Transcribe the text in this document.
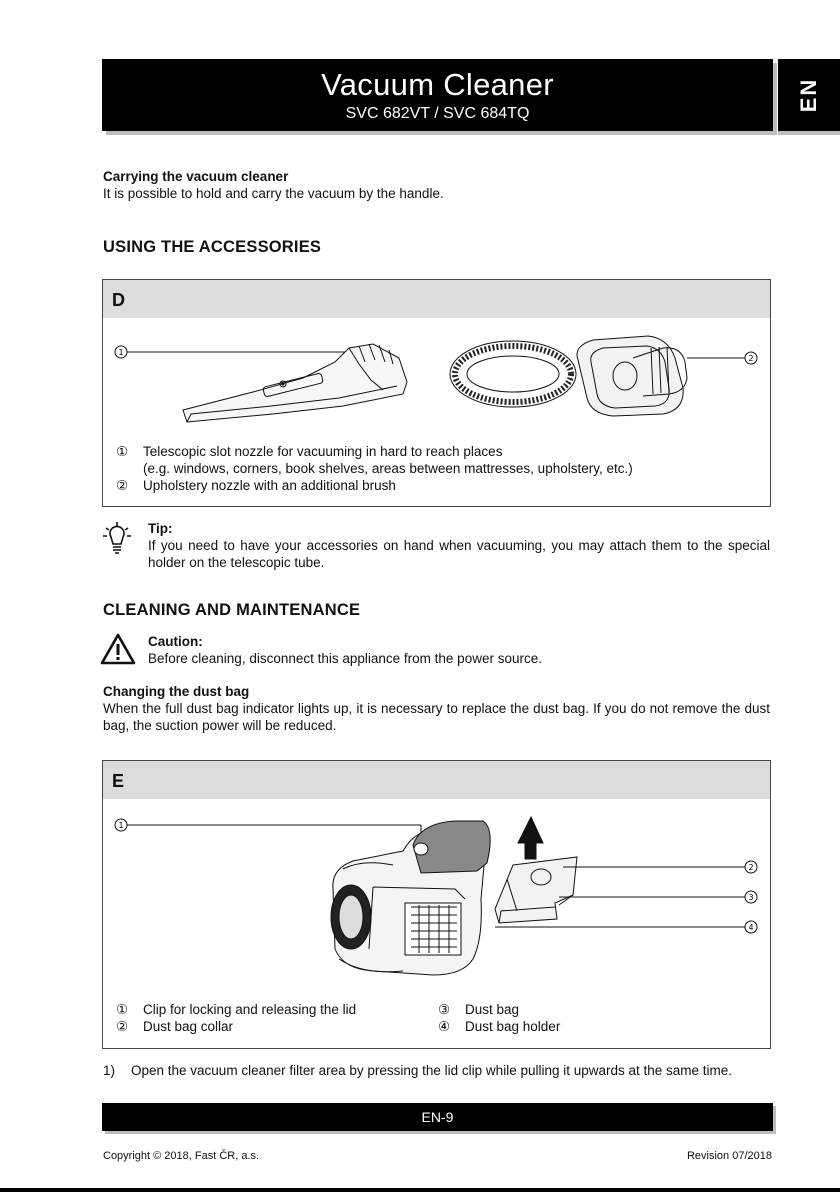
Vacuum Cleaner
SVC 682VT / SVC 684TQ
EN
Carrying the vacuum cleaner
It is possible to hold and carry the vacuum by the handle.
USING THE ACCESSORIES
D
1
2
① Telescopic slot nozzle for vacuuming in hard to reach places
(e.g. windows, corners, book shelves, areas between mattresses, upholstery, etc.)
② Upholstery nozzle with an additional brush
Tip:
If you need to have your accessories on hand when vacuuming, you may attach them to the special holder on the telescopic tube.
CLEANING AND MAINTENANCE
Caution:
Before cleaning, disconnect this appliance from the power source.
Changing the dust bag
When the full dust bag indicator lights up, it is necessary to replace the dust bag. If you do not remove the dust bag, the suction power will be reduced.
E
1
2
3
4
① Clip for locking and releasing the lid
② Dust bag collar
③ Dust bag
④ Dust bag holder
1) Open the vacuum cleaner filter area by pressing the lid clip while pulling it upwards at the same time.
EN-9
Copyright © 2018, Fast ČR, a.s.	Revision 07/2018
